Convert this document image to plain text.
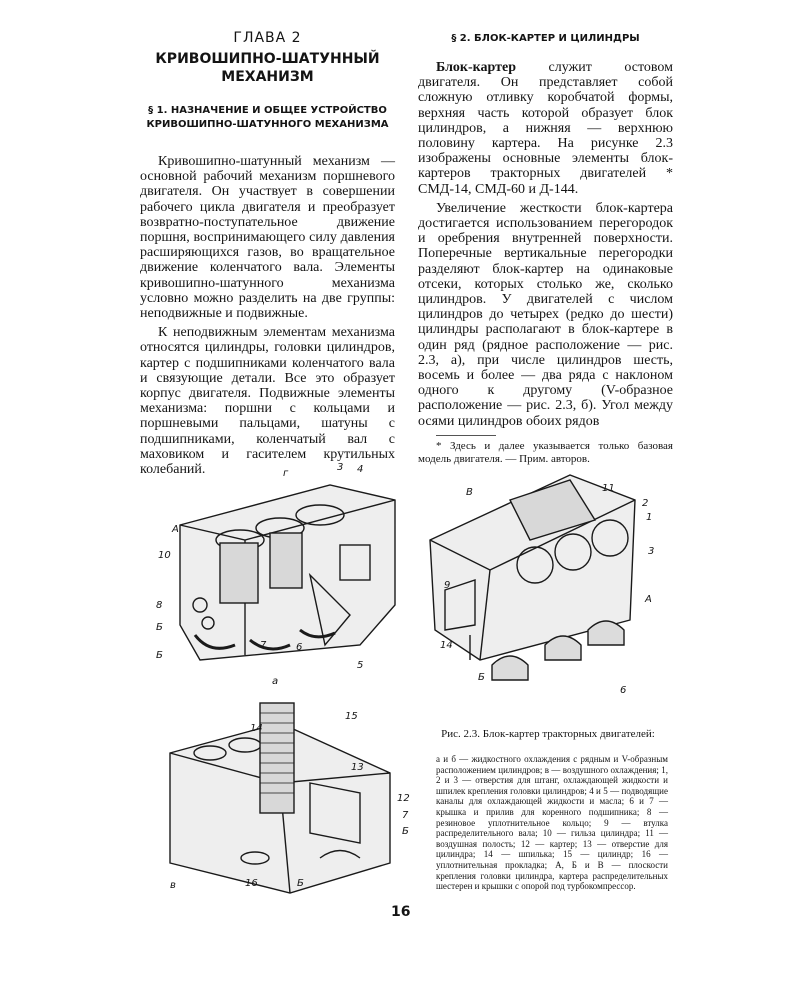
ГЛАВА 2
КРИВОШИПНО-ШАТУННЫЙ
МЕХАНИЗМ
§ 1. НАЗНАЧЕНИЕ И ОБЩЕЕ УСТРОЙСТВО
КРИВОШИПНО-ШАТУННОГО МЕХАНИЗМА

Кривошипно-шатунный механизм — основной рабочий механизм поршневого двигателя. Он участвует в совершении рабочего цикла двигателя и преобразует возвратно-поступательное движение поршня, воспринимающего силу давления расширяющихся газов, во вращательное движение коленчатого вала. Элементы кривошипно-шатунного механизма условно можно разделить на две группы: неподвижные и подвижные.

К неподвижным элементам механизма относятся цилиндры, головки цилиндров, картер с подшипниками коленчатого вала и связующие детали. Все это образует корпус двигателя. Подвижные элементы механизма: поршни с кольцами и поршневыми пальцами, шатуны с подшипниками, коленчатый вал с маховиком и гасителем крутильных колебаний.

§ 2. БЛОК-КАРТЕР И ЦИЛИНДРЫ

Блок-картер служит остовом двигателя. Он представляет собой сложную отливку коробчатой формы, верхняя часть которой образует блок цилиндров, а нижняя — верхнюю половину картера. На рисунке 2.3 изображены основные элементы блок-картеров тракторных двигателей * СМД-14, СМД-60 и Д-144.

Увеличение жесткости блок-картера достигается использованием перегородок и оребрения внутренней поверхности. Поперечные вертикальные перегородки разделяют блок-картер на одинаковые отсеки, которых столько же, сколько цилиндров. У двигателей с числом цилиндров до четырех (редко до шести) цилиндры располагают в блок-картере в один ряд (рядное расположение — рис. 2.3, а), при числе цилиндров шесть, восемь и более — два ряда с наклоном одного к другому (V-образное расположение — рис. 2.3, б). Угол между осями цилиндров обоих рядов

* Здесь и далее указывается только базовая модель двигателя. — Прим. авторов.

г
3 4
А
10
8
Б
Б
7	6
5
а
В	11
2
1
3
9
А
14
Б
6
14
15
13
12
7
Б
16	Б
в
Рис. 2.3. Блок-картер тракторных двигателей:
а и б — жидкостного охлаждения с рядным и V-образным расположением цилиндров; в — воздушного охлаждения; 1, 2 и 3 — отверстия для штанг, охлаждающей жидкости и шпилек крепления головки цилиндров; 4 и 5 — подводящие каналы для охлаждающей жидкости и масла; 6 и 7 — крышка и прилив для коренного подшипника; 8 — резиновое уплотнительное кольцо; 9 — втулка распределительного вала; 10 — гильза цилиндра; 11 — воздушная полость; 12 — картер; 13 — отверстие для цилиндра; 14 — шпилька; 15 — цилиндр; 16 — уплотнительная прокладка; А, Б и В — плоскости крепления головки цилиндра, картера распределительных шестерен и крышки с опорой под турбокомпрессор.
16
